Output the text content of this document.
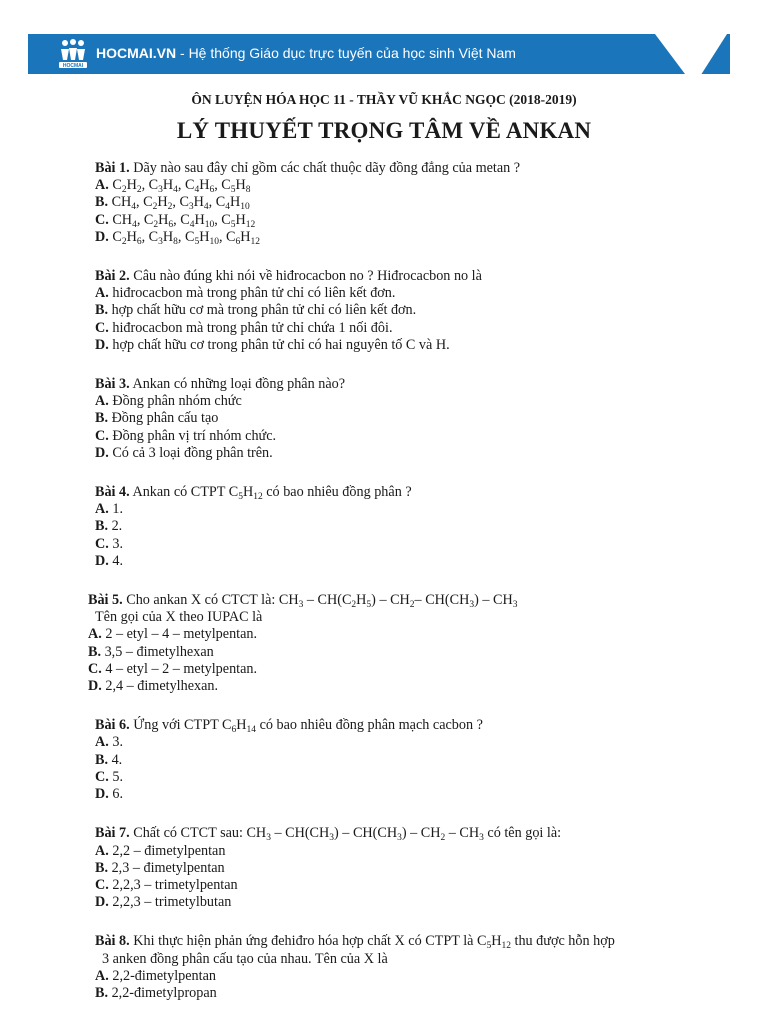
HOCMAI
HOCMAI.VN - Hệ thống Giáo dục trực tuyến của học sinh Việt Nam
ÔN LUYỆN HÓA HỌC 11 - THẦY VŨ KHẮC NGỌC (2018-2019)
LÝ THUYẾT TRỌNG TÂM VỀ ANKAN

Bài 1. Dãy nào sau đây chỉ gồm các chất thuộc dãy đồng đẳng của metan ?

A. $C_2H_2$, $C_3H_4$, $C_4H_6$, $C_5H_8$

B. $CH_4$, $C_2H_2$, $C_3H_4$, $C_4H_{10}$

C. $CH_4$, $C_2H_6$, $C_4H_{10}$, $C_5H_{12}$

D. $C_2H_6$, $C_3H_8$, $C_5H_{10}$, $C_6H_{12}$

Bài 2. Câu nào đúng khi nói về hiđrocacbon no ? Hiđrocacbon no là

A. hiđrocacbon mà trong phân tử chỉ có liên kết đơn.

B. hợp chất hữu cơ mà trong phân tử chỉ có liên kết đơn.

C. hiđrocacbon mà trong phân tử chỉ chứa 1 nối đôi.

D. hợp chất hữu cơ trong phân tử chỉ có hai nguyên tố C và H.

Bài 3. Ankan có những loại đồng phân nào?

A. Đồng phân nhóm chức

B. Đồng phân cấu tạo

C. Đồng phân vị trí nhóm chức.

D. Có cả 3 loại đồng phân trên.

Bài 4. Ankan có CTPT $C_5H_{12}$ có bao nhiêu đồng phân ?

A. 1.

B. 2.

C. 3.

D. 4.

Bài 5. Cho ankan X có CTCT là: $CH_3 - CH(C_2H_5) - CH_2-$ $CH(CH_3) - CH_3$

Tên gọi của X theo IUPAC là

A. 2 – etyl – 4 – metylpentan.

B. 3,5 – đimetylhexan

C. 4 – etyl – 2 – metylpentan.

D. 2,4 – đimetylhexan.

Bài 6. Ứng với CTPT $C_6H_{14}$ có bao nhiêu đồng phân mạch cacbon ?

A. 3.

B. 4.

C. 5.

D. 6.

Bài 7. Chất có CTCT sau: $CH_3 - CH(CH_3) - CH(CH_3) - CH_2 - CH_3$ có tên gọi là:

A. 2,2 – đimetylpentan

B. 2,3 – đimetylpentan

C. 2,2,3 – trimetylpentan

D. 2,2,3 – trimetylbutan

Bài 8. Khi thực hiện phản ứng đehiđro hóa hợp chất X có CTPT là $C_5H_{12}$ thu được hỗn hợp

3 anken đồng phân cấu tạo của nhau. Tên của X là

A. 2,2-đimetylpentan

B. 2,2-đimetylpropan
